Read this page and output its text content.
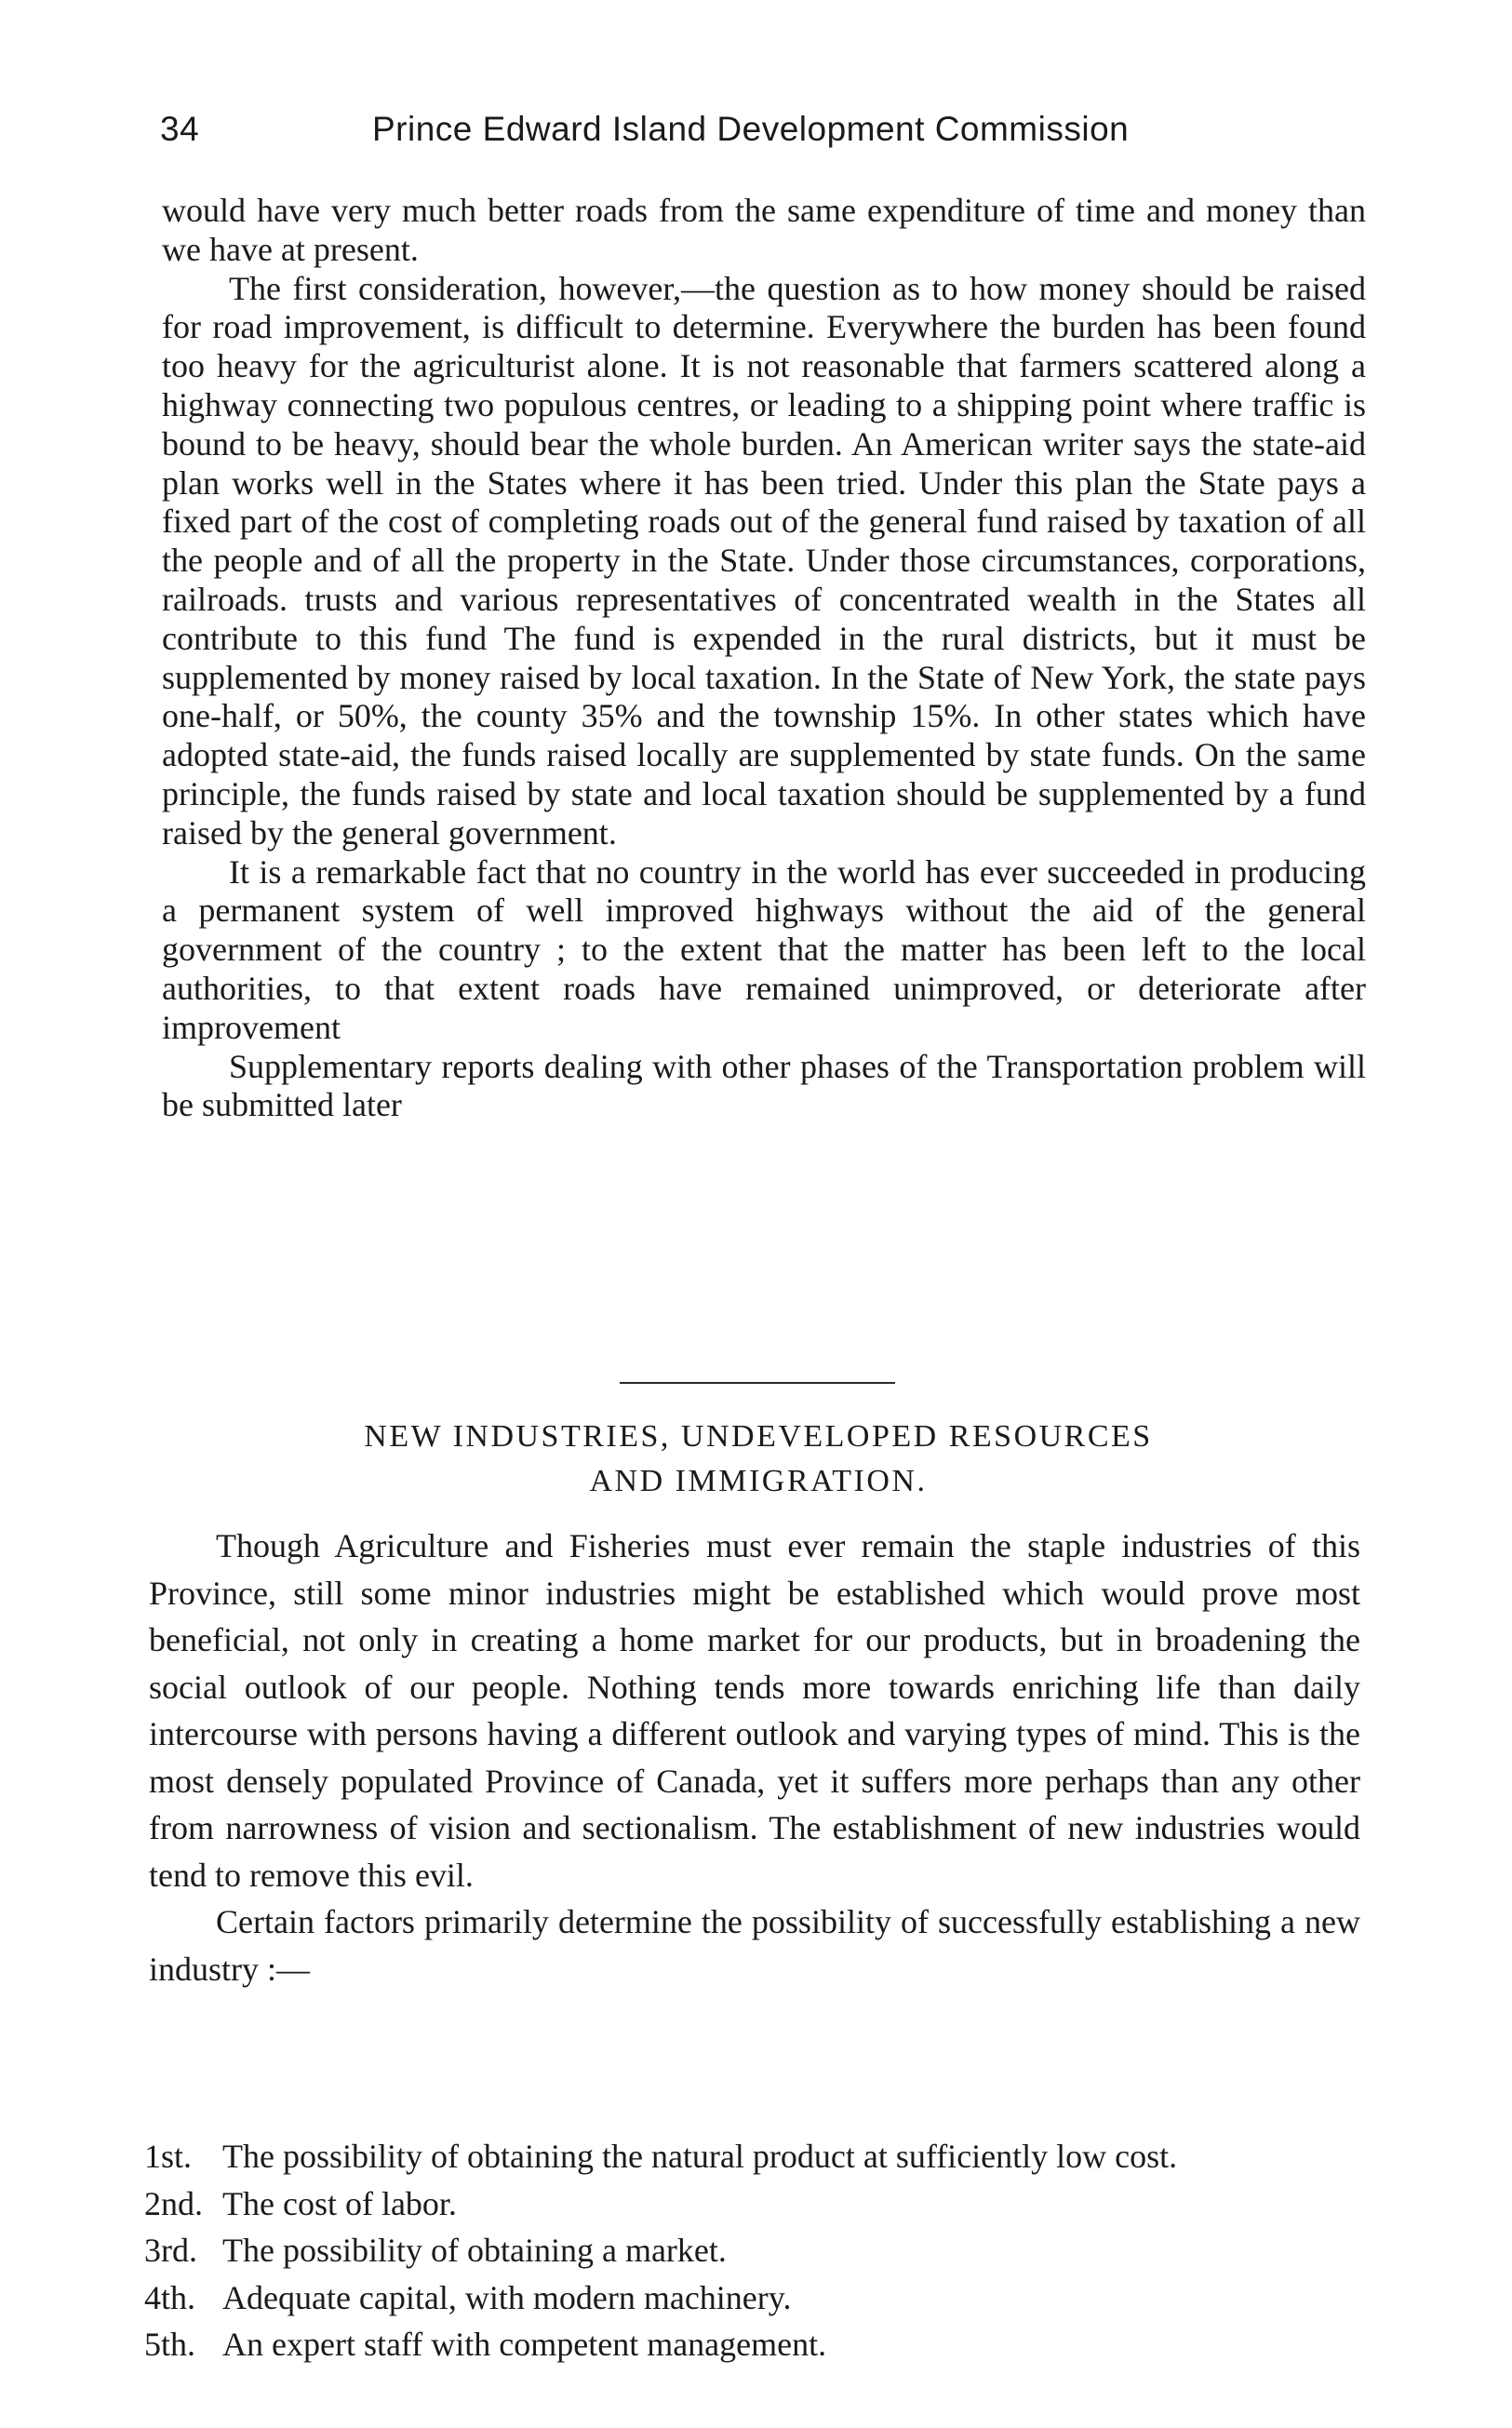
34	Prince Edward Island Development Commission

would have very much better roads from the same expenditure of time and money than we have at present.

The first consideration, however,—the question as to how money should be raised for road improvement, is difficult to determine. Everywhere the burden has been found too heavy for the agriculturist alone. It is not reasonable that farmers scattered along a highway connecting two populous centres, or leading to a shipping point where traffic is bound to be heavy, should bear the whole burden. An American writer says the state-aid plan works well in the States where it has been tried. Under this plan the State pays a fixed part of the cost of completing roads out of the general fund raised by taxation of all the people and of all the property in the State. Under those circumstances, corporations, railroads. trusts and various representatives of concentrated wealth in the States all contribute to this fund The fund is expended in the rural districts, but it must be supplemented by money raised by local taxation. In the State of New York, the state pays one-half, or 50%, the county 35% and the township 15%. In other states which have adopted state-aid, the funds raised locally are supplemented by state funds. On the same principle, the funds raised by state and local taxation should be supplemented by a fund raised by the general government.

It is a remarkable fact that no country in the world has ever succeeded in producing a permanent system of well improved highways without the aid of the general government of the country ; to the extent that the matter has been left to the local authorities, to that extent roads have remained unimproved, or deteriorate after improvement

Supplementary reports dealing with other phases of the Transportation problem will be submitted later

NEW INDUSTRIES, UNDEVELOPED RESOURCES
AND IMMIGRATION.

Though Agriculture and Fisheries must ever remain the staple industries of this Province, still some minor industries might be established which would prove most beneficial, not only in creating a home market for our products, but in broadening the social outlook of our people. Nothing tends more towards enriching life than daily intercourse with persons having a different outlook and varying types of mind. This is the most densely populated Province of Canada, yet it suffers more perhaps than any other from narrowness of vision and sectionalism. The establishment of new industries would tend to remove this evil.

Certain factors primarily determine the possibility of successfully establishing a new industry :—

1st. The possibility of obtaining the natural product at sufficiently low cost.
2nd. The cost of labor.
3rd. The possibility of obtaining a market.
4th. Adequate capital, with modern machinery.
5th. An expert staff with competent management.
